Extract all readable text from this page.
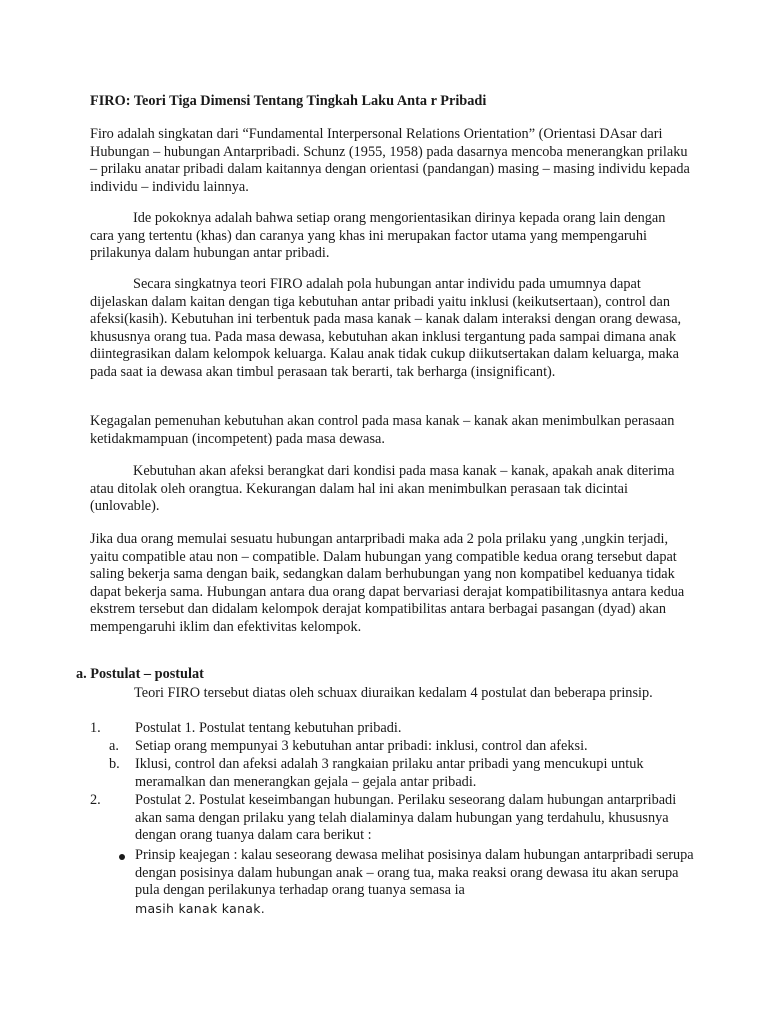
FIRO: Teori Tiga Dimensi Tentang Tingkah Laku Anta r Pribadi

Firo adalah singkatan dari “Fundamental Interpersonal Relations Orientation” (Orientasi DAsar dari Hubungan – hubungan Antarpribadi. Schunz (1955, 1958) pada dasarnya mencoba menerangkan prilaku – prilaku anatar pribadi dalam kaitannya dengan orientasi (pandangan) masing – masing individu kepada individu – individu lainnya.

Ide pokoknya adalah bahwa setiap orang mengorientasikan dirinya kepada orang lain dengan cara yang tertentu (khas) dan caranya yang khas ini merupakan factor utama yang mempengaruhi prilakunya dalam hubungan antar pribadi.

Secara singkatnya teori FIRO adalah pola hubungan antar individu pada umumnya dapat dijelaskan dalam kaitan dengan tiga kebutuhan antar pribadi yaitu inklusi (keikutsertaan), control dan afeksi(kasih). Kebutuhan ini terbentuk pada masa kanak – kanak dalam interaksi dengan orang dewasa, khususnya orang tua. Pada masa dewasa, kebutuhan akan inklusi tergantung pada sampai dimana anak diintegrasikan dalam kelompok keluarga. Kalau anak tidak cukup diikutsertakan dalam keluarga, maka pada saat ia dewasa akan timbul perasaan tak berarti, tak berharga (insignificant).

Kegagalan pemenuhan kebutuhan akan control pada masa kanak – kanak akan menimbulkan perasaan ketidakmampuan (incompetent) pada masa dewasa.

Kebutuhan akan afeksi berangkat dari kondisi pada masa kanak – kanak, apakah anak diterima atau ditolak oleh orangtua. Kekurangan dalam hal ini akan menimbulkan perasaan tak dicintai (unlovable).

Jika dua orang memulai sesuatu hubungan antarpribadi maka ada 2 pola prilaku yang ,ungkin terjadi, yaitu compatible atau non – compatible. Dalam hubungan yang compatible kedua orang tersebut dapat saling bekerja sama dengan baik, sedangkan dalam berhubungan yang non kompatibel keduanya tidak dapat bekerja sama. Hubungan antara dua orang dapat bervariasi derajat kompatibilitasnya antara kedua ekstrem tersebut dan didalam kelompok derajat kompatibilitas antara berbagai pasangan (dyad) akan mempengaruhi iklim dan efektivitas kelompok.

a. Postulat – postulat

Teori FIRO tersebut diatas oleh schuax diuraikan kedalam 4 postulat dan beberapa prinsip.

1. Postulat 1. Postulat tentang kebutuhan pribadi.

a. Setiap orang mempunyai 3 kebutuhan antar pribadi: inklusi, control dan afeksi.

b. Iklusi, control dan afeksi adalah 3 rangkaian prilaku antar pribadi yang mencukupi untuk meramalkan dan menerangkan gejala – gejala antar pribadi.

2. Postulat 2. Postulat keseimbangan hubungan. Perilaku seseorang dalam hubungan antarpribadi akan sama dengan prilaku yang telah dialaminya dalam hubungan yang terdahulu, khususnya dengan orang tuanya dalam cara berikut :

Prinsip keajegan : kalau seseorang dewasa melihat posisinya dalam hubungan antarpribadi serupa dengan posisinya dalam hubungan anak – orang tua, maka reaksi orang dewasa itu akan serupa pula dengan perilakunya terhadap orang tuanya semasa ia

masih kanak kanak.
